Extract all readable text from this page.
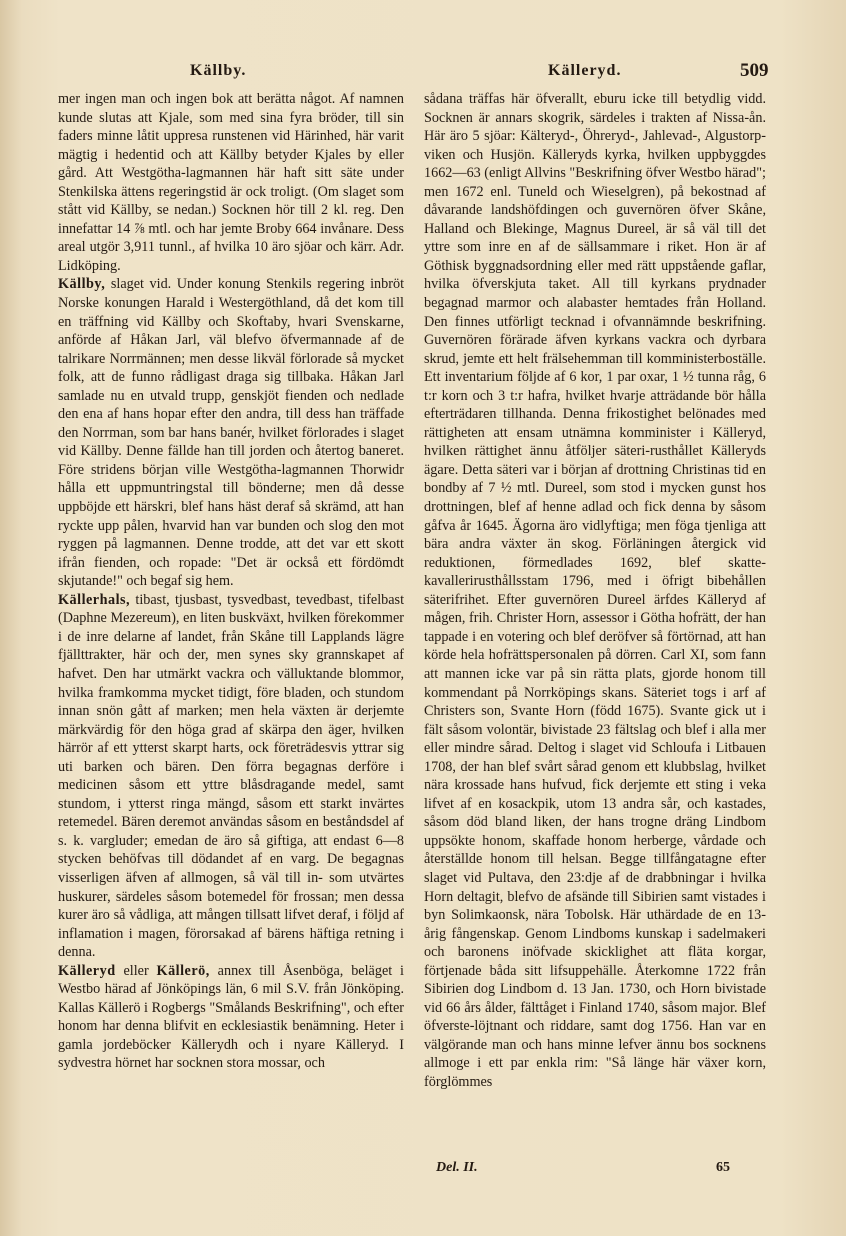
Källby.	Källeryd.	509

mer ingen man och ingen bok att berätta något. Af namnen kunde slutas att Kjale, som med sina fyra bröder, till sin faders minne låtit uppresa runstenen vid Härinhed, här varit mägtig i hedentid och att Källby betyder Kjales by eller gård. Att Westgötha-lagmannen här haft sitt säte under Stenkilska ättens regeringstid är ock troligt. (Om slaget som stått vid Källby, se nedan.) Socknen hör till 2 kl. reg. Den innefattar 14 ⅞ mtl. och har jemte Broby 664 invånare. Dess areal utgör 3,911 tunnl., af hvilka 10 äro sjöar och kärr. Adr. Lidköping.

Källby, slaget vid. Under konung Stenkils regering inbröt Norske konungen Harald i Westergöthland, då det kom till en träffning vid Källby och Skoftaby, hvari Svenskarne, anförde af Håkan Jarl, väl blefvo öfvermannade af de talrikare Norrmännen; men desse likväl förlorade så mycket folk, att de funno rådligast draga sig tillbaka. Håkan Jarl samlade nu en utvald trupp, genskjöt fienden och nedlade den ena af hans hopar efter den andra, till dess han träffade den Norrman, som bar hans banér, hvilket förlorades i slaget vid Källby. Denne fällde han till jorden och återtog baneret. Före stridens början ville Westgötha-lagmannen Thorwidr hålla ett uppmuntringstal till bönderne; men då desse uppböjde ett härskri, blef hans häst deraf så skrämd, att han ryckte upp pålen, hvarvid han var bunden och slog den mot ryggen på lagmannen. Denne trodde, att det var ett skott ifrån fienden, och ropade: "Det är också ett fördömdt skjutande!" och begaf sig hem.

Källerhals, tibast, tjusbast, tysvedbast, tevedbast, tifelbast (Daphne Mezereum), en liten buskväxt, hvilken förekommer i de inre delarne af landet, från Skåne till Lapplands lägre fjällttrakter, här och der, men synes sky grannskapet af hafvet. Den har utmärkt vackra och välluktande blommor, hvilka framkomma mycket tidigt, före bladen, och stundom innan snön gått af marken; men hela växten är derjemte märkvärdig för den höga grad af skärpa den äger, hvilken härrör af ett ytterst skarpt harts, ock företrädesvis yttrar sig uti barken och bären. Den förra begagnas derföre i medicinen såsom ett yttre blåsdragande medel, samt stundom, i ytterst ringa mängd, såsom ett starkt invärtes retemedel. Bären deremot användas såsom en beståndsdel af s. k. vargluder; emedan de äro så giftiga, att endast 6—8 stycken behöfvas till dödandet af en varg. De begagnas visserligen äfven af allmogen, så väl till in- som utvärtes huskurer, särdeles såsom botemedel för frossan; men dessa kurer äro så vådliga, att mången tillsatt lifvet deraf, i följd af inflamation i magen, förorsakad af bärens häftiga retning i denna.

Källeryd eller Källerö, annex till Åsenböga, beläget i Westbo härad af Jönköpings län, 6 mil S.V. från Jönköping. Kallas Källerö i Rogbergs "Smålands Beskrifning", och efter honom har denna blifvit en ecklesiastik benämning. Heter i gamla jordeböcker Källerydh och i nyare Källeryd. I sydvestra hörnet har socknen stora mossar, och

sådana träffas här öfverallt, eburu icke till betydlig vidd. Socknen är annars skogrik, särdeles i trakten af Nissa-ån. Här äro 5 sjöar: Kälteryd-, Öhreryd-, Jahlevad-, Algustorp-viken och Husjön. Källeryds kyrka, hvilken uppbyggdes 1662—63 (enligt Allvins "Beskrifning öfver Westbo härad"; men 1672 enl. Tuneld och Wieselgren), på bekostnad af dåvarande landshöfdingen och guvernören öfver Skåne, Halland och Blekinge, Magnus Dureel, är så väl till det yttre som inre en af de sällsammare i riket. Hon är af Göthisk byggnadsordning eller med rätt uppstående gaflar, hvilka öfverskjuta taket. All till kyrkans prydnader begagnad marmor och alabaster hemtades från Holland. Den finnes utförligt tecknad i ofvannämnde beskrifning. Guvernören förärade äfven kyrkans vackra och dyrbara skrud, jemte ett helt frälsehemman till komministerboställe. Ett inventarium följde af 6 kor, 1 par oxar, 1 ½ tunna råg, 6 t:r korn och 3 t:r hafra, hvilket hvarje atträdande bör hålla efterträdaren tillhanda. Denna frikostighet belönades med rättigheten att ensam utnämna komminister i Källeryd, hvilken rättighet ännu åtföljer säteri-rusthållet Källeryds ägare. Detta säteri var i början af drottning Christinas tid en bondby af 7 ½ mtl. Dureel, som stod i mycken gunst hos drottningen, blef af henne adlad och fick denna by såsom gåfva år 1645. Ägorna äro vidlyftiga; men föga tjenliga att bära andra växter än skog. Förläningen återgick vid reduktionen, förmedlades 1692, blef skatte-kavallerirusthållsstam 1796, med i öfrigt bibehållen säterifrihet. Efter guvernören Dureel ärfdes Källeryd af mågen, frih. Christer Horn, assessor i Götha hofrätt, der han tappade i en votering och blef deröfver så förtörnad, att han körde hela hofrättspersonalen på dörren. Carl XI, som fann att mannen icke var på sin rätta plats, gjorde honom till kommendant på Norrköpings skans. Säteriet togs i arf af Christers son, Svante Horn (född 1675). Svante gick ut i fält såsom volontär, bivistade 23 fältslag och blef i alla mer eller mindre sårad. Deltog i slaget vid Schloufa i Litbauen 1708, der han blef svårt sårad genom ett klubbslag, hvilket nära krossade hans hufvud, fick derjemte ett sting i veka lifvet af en kosackpik, utom 13 andra sår, och kastades, såsom död bland liken, der hans trogne dräng Lindbom uppsökte honom, skaffade honom herberge, vårdade och återställde honom till helsan. Begge tillfångatagne efter slaget vid Pultava, den 23:dje af de drabbningar i hvilka Horn deltagit, blefvo de afsände till Sibirien samt vistades i byn Solimkaonsk, nära Tobolsk. Här uthärdade de en 13-årig fångenskap. Genom Lindboms kunskap i sadelmakeri och baronens inöfvade skicklighet att fläta korgar, förtjenade båda sitt lifsuppehälle. Återkomne 1722 från Sibirien dog Lindbom d. 13 Jan. 1730, och Horn bivistade vid 66 års ålder, fälttåget i Finland 1740, såsom major. Blef öfverste-löjtnant och riddare, samt dog 1756. Han var en välgörande man och hans minne lefver ännu bos socknens allmoge i ett par enkla rim: "Så länge här växer korn, förglömmes

Del. II.	65
